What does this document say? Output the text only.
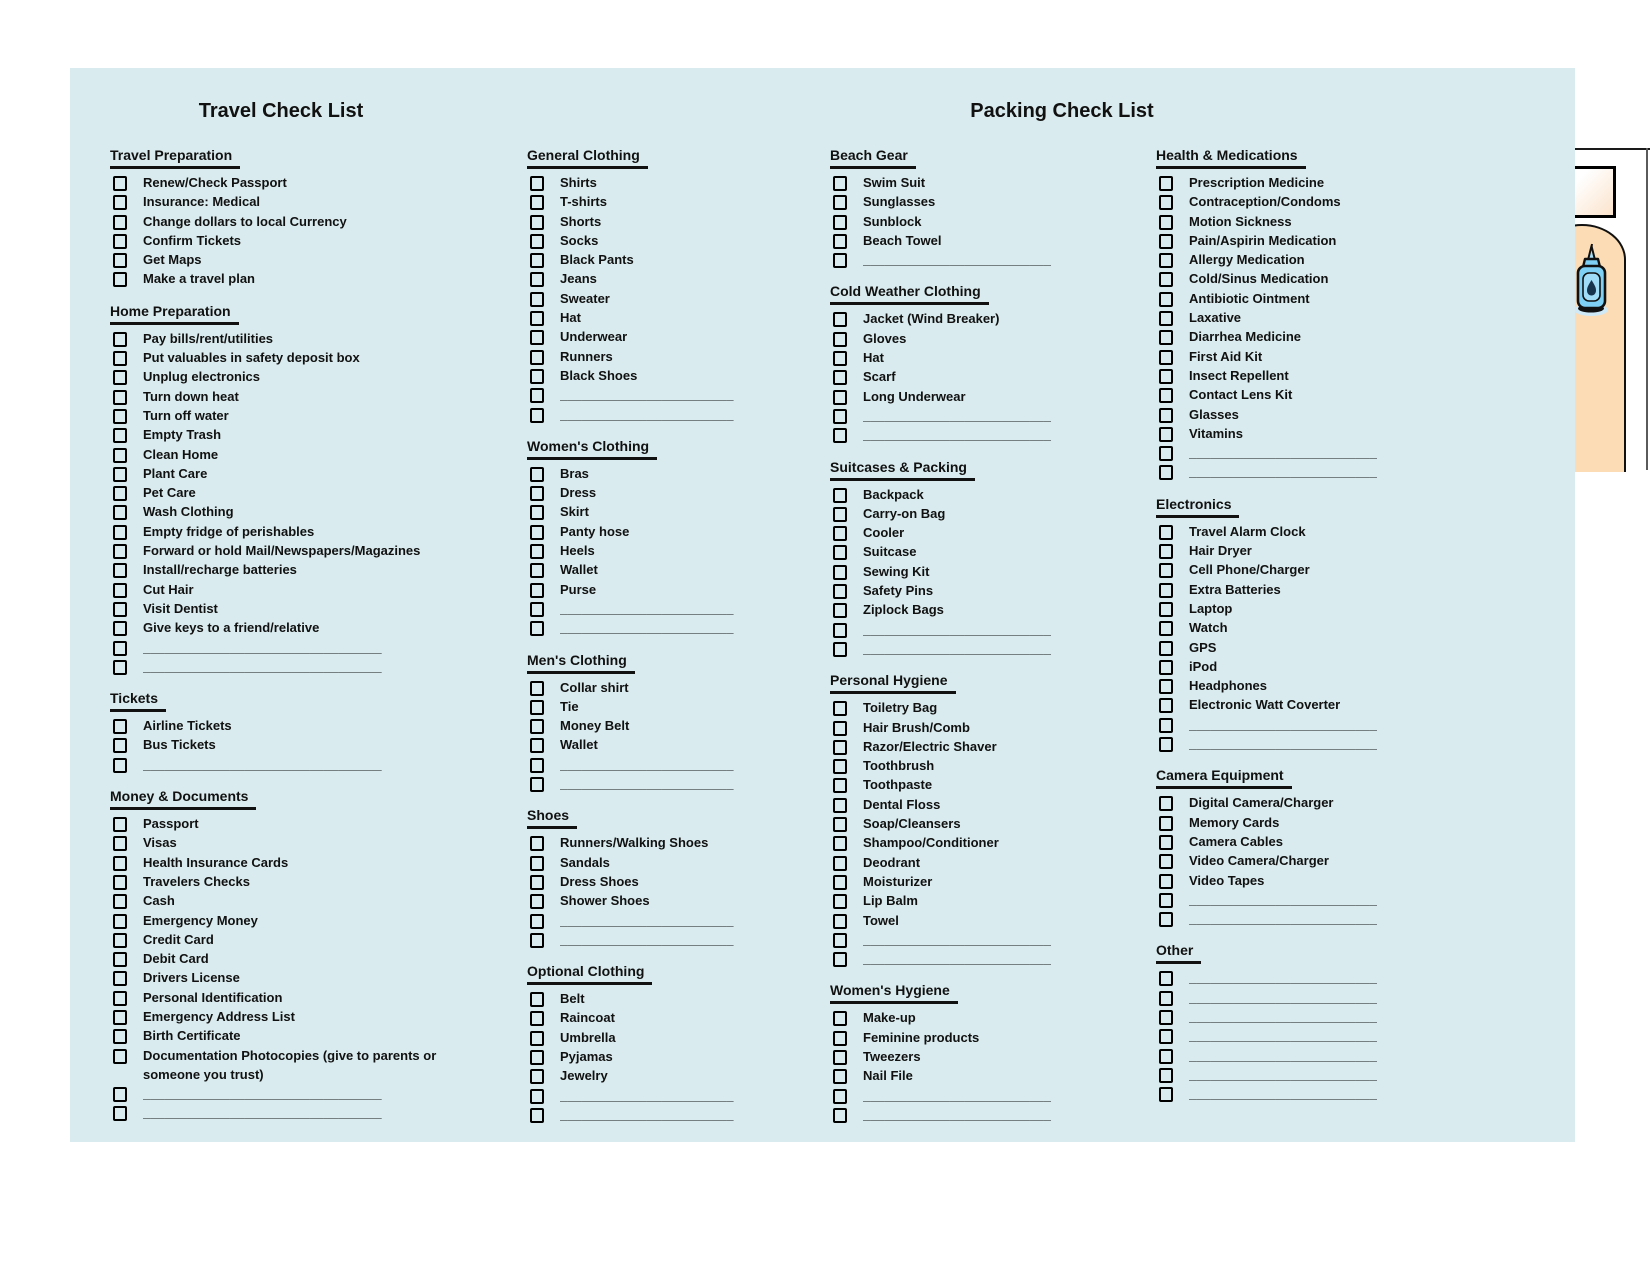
Travel Check List	Packing Check List
Travel Preparation
Renew/Check Passport
Insurance: Medical
Change dollars to local Currency
Confirm Tickets
Get Maps
Make a travel plan
Home Preparation
Pay bills/rent/utilities
Put valuables in safety deposit box
Unplug electronics
Turn down heat
Turn off water
Empty Trash
Clean Home
Plant Care
Pet Care
Wash Clothing
Empty fridge of perishables
Forward or hold Mail/Newspapers/Magazines
Install/recharge batteries
Cut Hair
Visit Dentist
Give keys to a friend/relative
_________________________________
_________________________________
Tickets
Airline Tickets
Bus Tickets
_________________________________
Money & Documents
Passport
Visas
Health Insurance Cards
Travelers Checks
Cash
Emergency Money
Credit Card
Debit Card
Drivers License
Personal Identification
Emergency Address List
Birth Certificate
Documentation Photocopies (give to parents or someone you trust)
_________________________________
_________________________________
General Clothing
Shirts
T-shirts
Shorts
Socks
Black Pants
Jeans
Sweater
Hat
Underwear
Runners
Black Shoes
________________________
________________________
Women's Clothing
Bras
Dress
Skirt
Panty hose
Heels
Wallet
Purse
________________________
________________________
Men's Clothing
Collar shirt
Tie
Money Belt
Wallet
________________________
________________________
Shoes
Runners/Walking Shoes
Sandals
Dress Shoes
Shower Shoes
________________________
________________________
Optional Clothing
Belt
Raincoat
Umbrella
Pyjamas
Jewelry
________________________
________________________
Beach Gear
Swim Suit
Sunglasses
Sunblock
Beach Towel
__________________________
Cold Weather Clothing
Jacket (Wind Breaker)
Gloves
Hat
Scarf
Long Underwear
__________________________
__________________________
Suitcases & Packing
Backpack
Carry-on Bag
Cooler
Suitcase
Sewing Kit
Safety Pins
Ziplock Bags
__________________________
__________________________
Personal Hygiene
Toiletry Bag
Hair Brush/Comb
Razor/Electric Shaver
Toothbrush
Toothpaste
Dental Floss
Soap/Cleansers
Shampoo/Conditioner
Deodrant
Moisturizer
Lip Balm
Towel
__________________________
__________________________
Women's Hygiene
Make-up
Feminine products
Tweezers
Nail File
__________________________
__________________________
Health & Medications
Prescription Medicine
Contraception/Condoms
Motion Sickness
Pain/Aspirin Medication
Allergy Medication
Cold/Sinus Medication
Antibiotic Ointment
Laxative
Diarrhea Medicine
First Aid Kit
Insect Repellent
Contact Lens Kit
Glasses
Vitamins
__________________________
__________________________
Electronics
Travel Alarm Clock
Hair Dryer
Cell Phone/Charger
Extra Batteries
Laptop
Watch
GPS
iPod
Headphones
Electronic Watt Coverter
__________________________
__________________________
Camera Equipment
Digital Camera/Charger
Memory Cards
Camera Cables
Video Camera/Charger
Video Tapes
__________________________
__________________________
Other
__________________________
__________________________
__________________________
__________________________
__________________________
__________________________
__________________________
